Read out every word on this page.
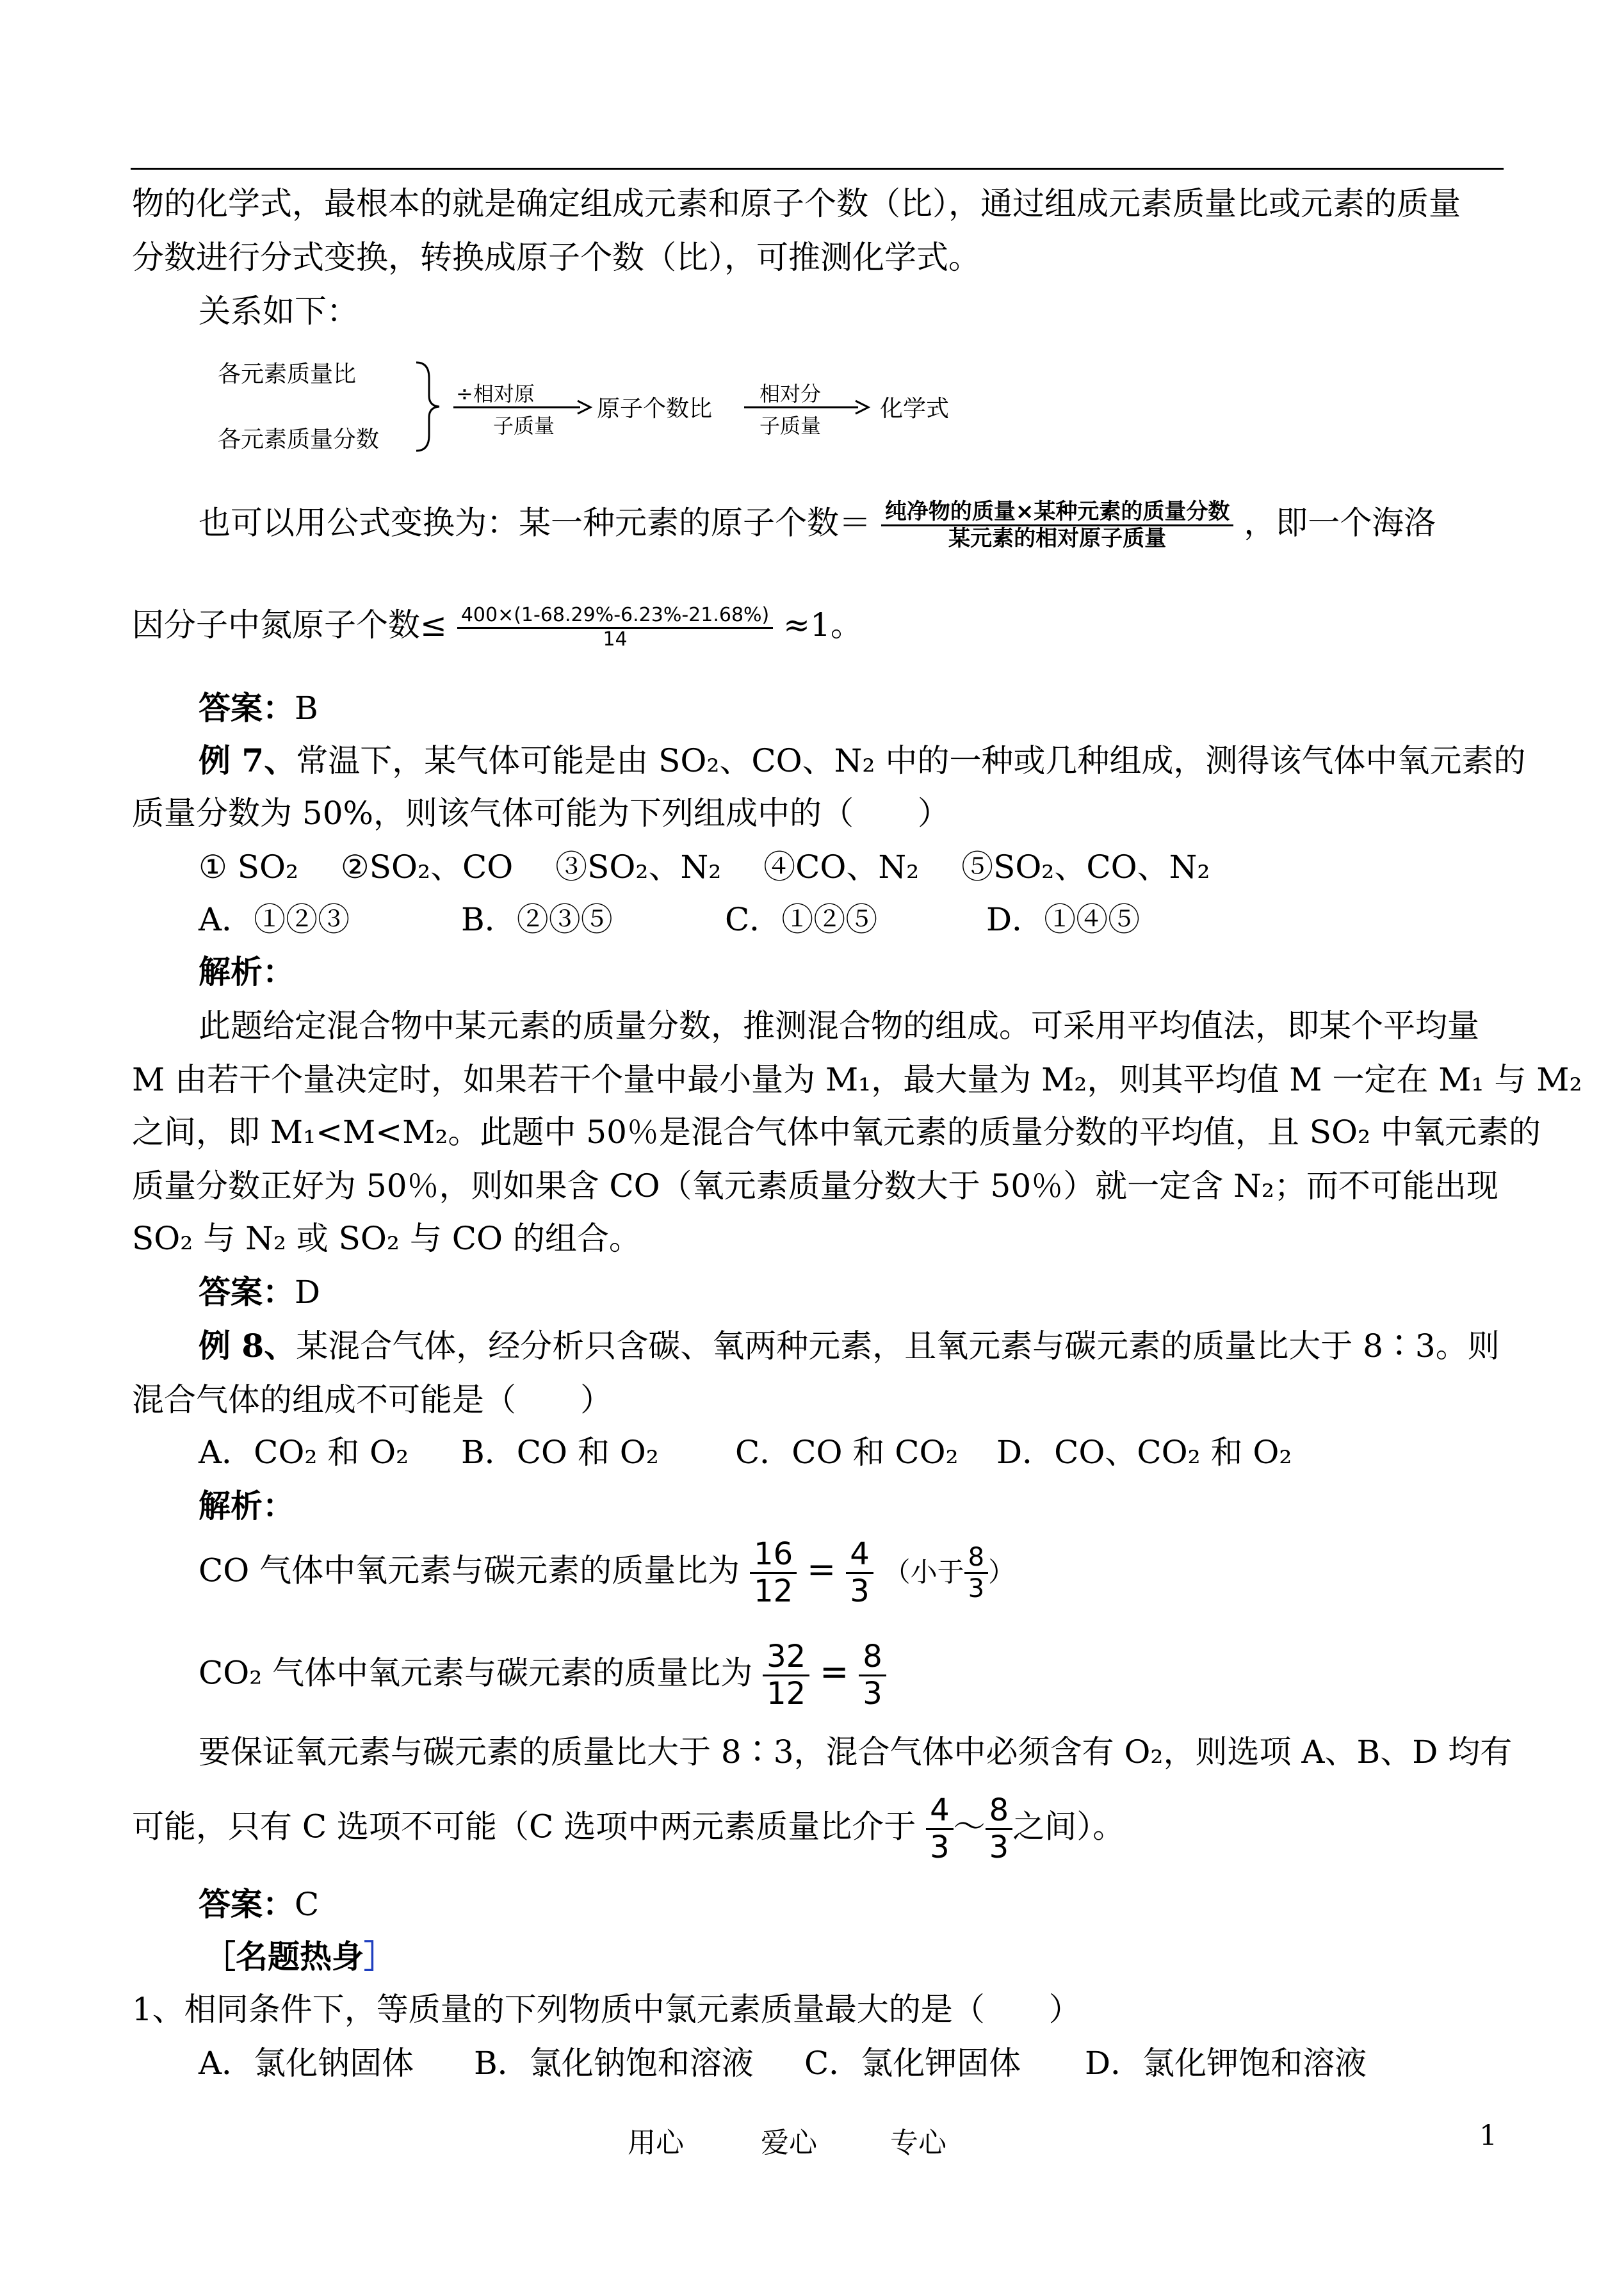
物的化学式，最根本的就是确定组成元素和原子个数（比），通过组成元素质量比或元素的质量
分数进行分式变换，转换成原子个数（比），可推测化学式。
关系如下：
各元素质量比
各元素质量分数
÷相对原
子质量
原子个数比
相对分
子质量
化学式
也可以用公式变换为：某一种元素的原子个数＝ $\frac{\text{纯净物的质量×某种元素的质量分数}}{\text{某元素的相对原子质量}}$ ，即一个海洛
因分子中氮原子个数≤ $\frac{400\times(1-68.29\%-6.23\%-21.68\%)}{14} \approx 1$。
答案：B
例 7、常温下，某气体可能是由 SO₂、CO、N₂ 中的一种或几种组成，测得该气体中氧元素的
质量分数为 50%，则该气体可能为下列组成中的（　　）
① SO₂　 ②SO₂、CO　 ③SO₂、N₂　 ④CO、N₂　 ⑤SO₂、CO、N₂
A．①②③	B．②③⑤	C．①②⑤	D．①④⑤
解析：
此题给定混合物中某元素的质量分数，推测混合物的组成。可采用平均值法，即某个平均量
M 由若干个量决定时，如果若干个量中最小量为 M₁，最大量为 M₂，则其平均值 M 一定在 M₁ 与 M₂
之间，即 M₁<M<M₂。此题中 50％是混合气体中氧元素的质量分数的平均值，且 SO₂ 中氧元素的
质量分数正好为 50％，则如果含 CO（氧元素质量分数大于 50％）就一定含 N₂；而不可能出现
SO₂ 与 N₂ 或 SO₂ 与 CO 的组合。
答案：D
例 8、某混合气体，经分析只含碳、氧两种元素，且氧元素与碳元素的质量比大于 8∶3。则
混合气体的组成不可能是（　　）
A．CO₂ 和 O₂ B．CO 和 O₂ C．CO 和 CO₂ D．CO、CO₂ 和 O₂
解析：
CO 气体中氧元素与碳元素的质量比为 $\frac{16}{12} = \frac{4}{3}$ （小于 $\frac{8}{3}$ ）
CO₂ 气体中氧元素与碳元素的质量比为 $\frac{32}{12} = \frac{8}{3}$
要保证氧元素与碳元素的质量比大于 8∶3，混合气体中必须含有 O₂，则选项 A、B、D 均有
可能，只有 C 选项不可能（C 选项中两元素质量比介于 $\frac{4}{3}$ ～ $\frac{8}{3}$ 之间）。
答案：C
［名题热身］
1、相同条件下，等质量的下列物质中氯元素质量最大的是（　　）
A．氯化钠固体 B．氯化钠饱和溶液 C．氯化钾固体 D．氯化钾饱和溶液
用心	爱心	专心	1
